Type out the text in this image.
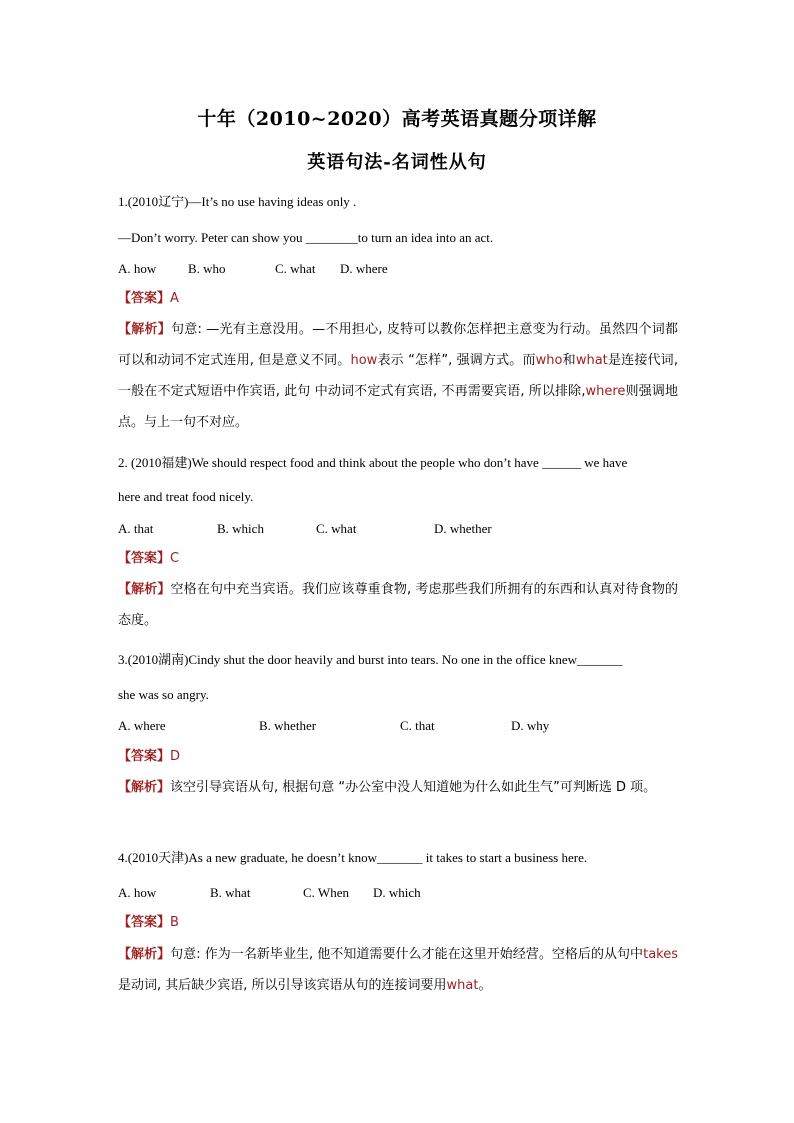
十年（2010~2020）高考英语真题分项详解
英语句法-名词性从句
1.(2010辽宁)—It’s no use having ideas only .
—Don’t worry. Peter can show you ________to turn an idea into an act.
A. how B. who	C. what D. where
【答案】A
【解析】句意: —光有主意没用。—不用担心, 皮特可以教你怎样把主意变为行动。虽然四个词都可以和动词不定式连用, 但是意义不同。how表示 “怎样”, 强调方式。而who和what是连接代词, 一般在不定式短语中作宾语, 此句 中动词不定式有宾语, 不再需要宾语, 所以排除,where则强调地点。与上一句不对应。
2. (2010福建)We should respect food and think about the people who don’t have ______ we have
here and treat food nicely.
A. that	B. which	C. what	D. whether
【答案】C
【解析】空格在句中充当宾语。我们应该尊重食物, 考虑那些我们所拥有的东西和认真对待食物的态度。
3.(2010湖南)Cindy shut the door heavily and burst into tears. No one in the office knew_______
she was so angry.
A. where	B. whether	C. that	D. why
【答案】D
【解析】该空引导宾语从句, 根据句意 “办公室中没人知道她为什么如此生气”可判断选 D 项。
4.(2010天津)As a new graduate, he doesn’t know_______ it takes to start a business here.
A. how	B. what	C. When D. which
【答案】B
【解析】句意: 作为一名新毕业生, 他不知道需要什么才能在这里开始经营。空格后的从句中takes是动词, 其后缺少宾语, 所以引导该宾语从句的连接词要用what。
